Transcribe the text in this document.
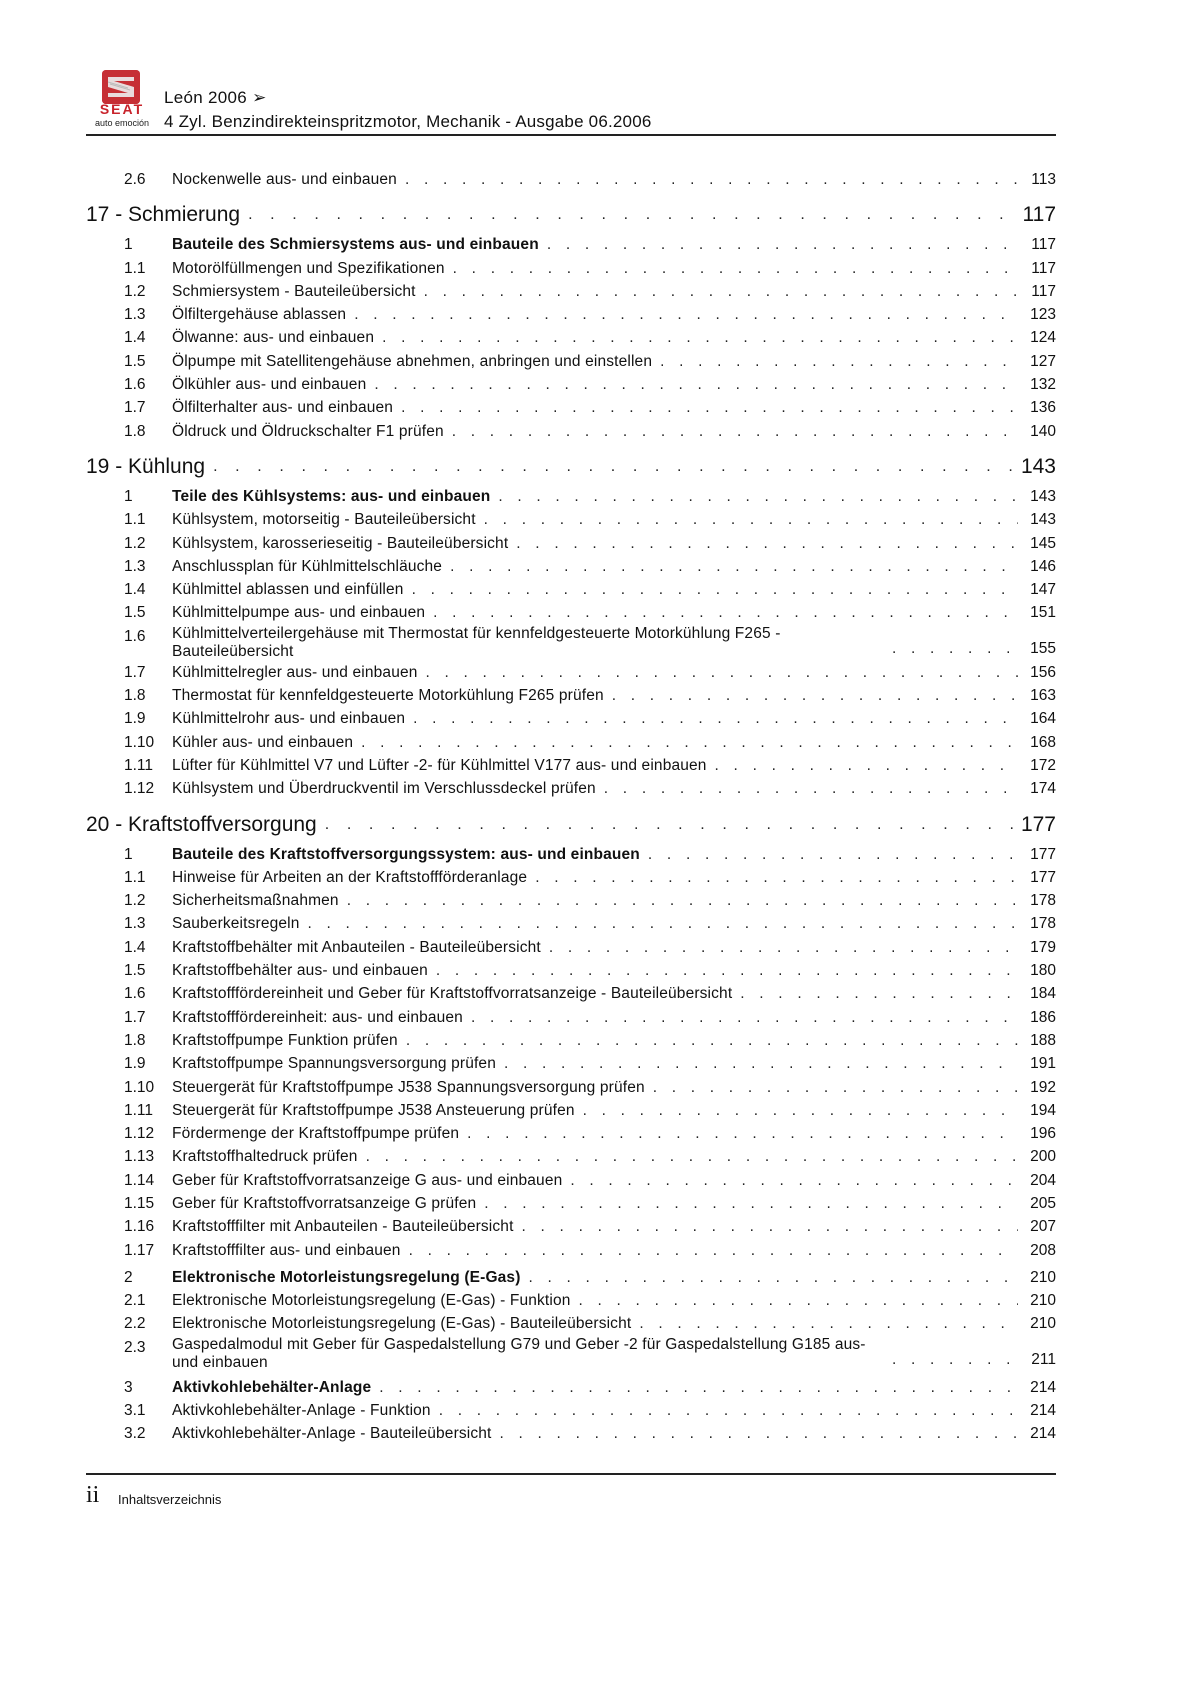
SEAT
auto emoción
León 2006 ➢
4 Zyl. Benzindirekteinspritzmotor, Mechanik - Ausgabe 06.2006
2.6	Nockenwelle aus- und einbauen . . .	113
17 - Schmierung . . .	117
1	Bauteile des Schmiersystems aus- und einbauen . . .	117
1.1	Motorölfüllmengen und Spezifikationen . . .	117
1.2	Schmiersystem - Bauteileübersicht . . .	117
1.3	Ölfiltergehäuse ablassen . . .	123
1.4	Ölwanne: aus- und einbauen . . .	124
1.5	Ölpumpe mit Satellitengehäuse abnehmen, anbringen und einstellen . . .	127
1.6	Ölkühler aus- und einbauen . . .	132
1.7	Ölfilterhalter aus- und einbauen . . .	136
1.8	Öldruck und Öldruckschalter F1 prüfen . . .	140
19 - Kühlung . . .	143
1	Teile des Kühlsystems: aus- und einbauen . . .	143
1.1	Kühlsystem, motorseitig - Bauteileübersicht . . .	143
1.2	Kühlsystem, karosserieseitig - Bauteileübersicht . . .	145
1.3	Anschlussplan für Kühlmittelschläuche . . .	146
1.4	Kühlmittel ablassen und einfüllen . . .	147
1.5	Kühlmittelpumpe aus- und einbauen . . .	151
1.6	Kühlmittelverteilergehäuse mit Thermostat für kennfeldgesteuerte Motorkühlung F265 - Bauteileübersicht . . .	155
1.7	Kühlmittelregler aus- und einbauen . . .	156
1.8	Thermostat für kennfeldgesteuerte Motorkühlung F265 prüfen . . .	163
1.9	Kühlmittelrohr aus- und einbauen . . .	164
1.10	Kühler aus- und einbauen . . .	168
1.11	Lüfter für Kühlmittel V7 und Lüfter -2- für Kühlmittel V177 aus- und einbauen . . .	172
1.12	Kühlsystem und Überdruckventil im Verschlussdeckel prüfen . . .	174
20 - Kraftstoffversorgung . . .	177
1	Bauteile des Kraftstoffversorgungssystem: aus- und einbauen . . .	177
1.1	Hinweise für Arbeiten an der Kraftstoffförderanlage . . .	177
1.2	Sicherheitsmaßnahmen . . .	178
1.3	Sauberkeitsregeln . . .	178
1.4	Kraftstoffbehälter mit Anbauteilen - Bauteileübersicht . . .	179
1.5	Kraftstoffbehälter aus- und einbauen . . .	180
1.6	Kraftstofffördereinheit und Geber für Kraftstoffvorratsanzeige - Bauteileübersicht . . .	184
1.7	Kraftstofffördereinheit: aus- und einbauen . . .	186
1.8	Kraftstoffpumpe Funktion prüfen . . .	188
1.9	Kraftstoffpumpe Spannungsversorgung prüfen . . .	191
1.10	Steuergerät für Kraftstoffpumpe J538 Spannungsversorgung prüfen . . .	192
1.11	Steuergerät für Kraftstoffpumpe J538 Ansteuerung prüfen . . .	194
1.12	Fördermenge der Kraftstoffpumpe prüfen . . .	196
1.13	Kraftstoffhaltedruck prüfen . . .	200
1.14	Geber für Kraftstoffvorratsanzeige G aus- und einbauen . . .	204
1.15	Geber für Kraftstoffvorratsanzeige G prüfen . . .	205
1.16	Kraftstofffilter mit Anbauteilen - Bauteileübersicht . . .	207
1.17	Kraftstofffilter aus- und einbauen . . .	208
2	Elektronische Motorleistungsregelung (E-Gas) . . .	210
2.1	Elektronische Motorleistungsregelung (E-Gas) - Funktion . . .	210
2.2	Elektronische Motorleistungsregelung (E-Gas) - Bauteileübersicht . . .	210
2.3	Gaspedalmodul mit Geber für Gaspedalstellung G79 und Geber -2 für Gaspedalstellung G185 aus- und einbauen . . .	211
3	Aktivkohlebehälter-Anlage . . .	214
3.1	Aktivkohlebehälter-Anlage - Funktion . . .	214
3.2	Aktivkohlebehälter-Anlage - Bauteileübersicht . . .	214
ii Inhaltsverzeichnis
